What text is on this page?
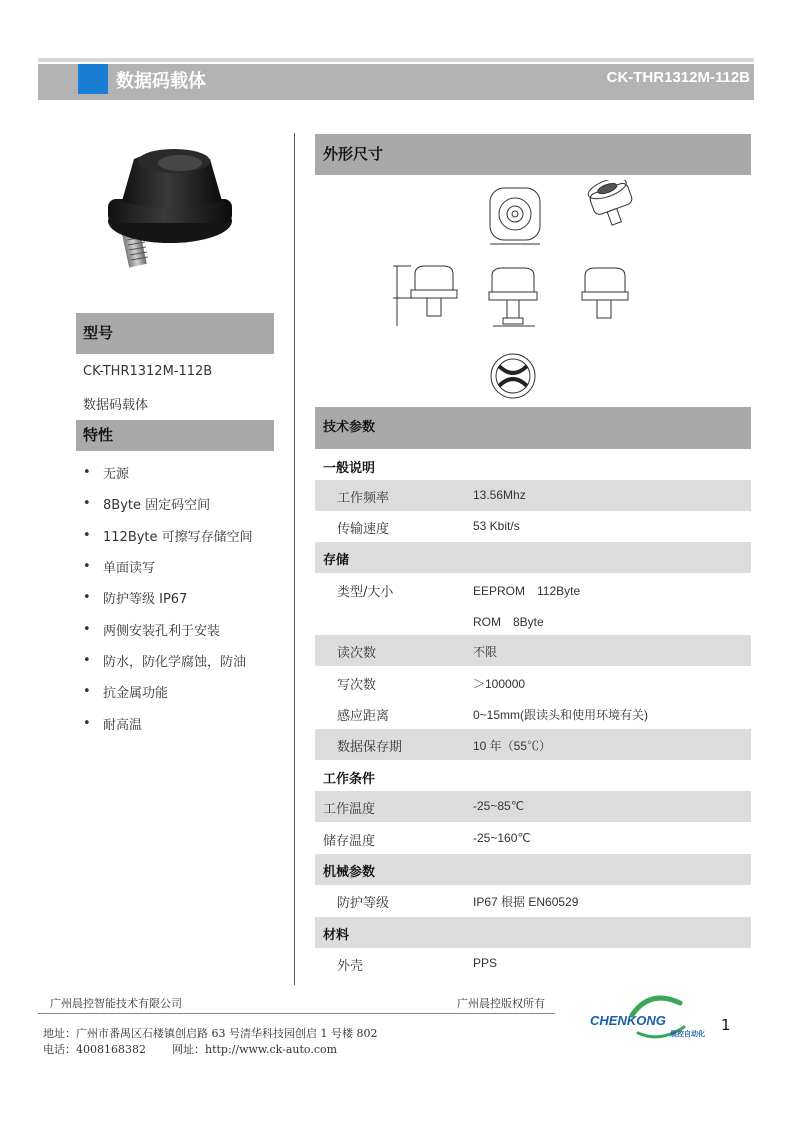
数据码载体	CK-THR1312M-112B
型号
CK-THR1312M-112B
数据码载体
特性
• 无源
• 8Byte 固定码空间
• 112Byte 可擦写存储空间
• 单面读写
• 防护等级 IP67
• 两侧安装孔利于安装
• 防水，防化学腐蚀，防油
• 抗金属功能
• 耐高温
外形尺寸
技术参数
一般说明
工作频率	13.56Mhz
传输速度	53 Kbit/s
存储
类型/大小	EEPROM　112Byte
ROM　8Byte
读次数	不限
写次数	＞100000
感应距离	0~15mm(跟读头和使用环境有关)
数据保存期	10 年（55℃）
工作条件
工作温度	-25~85℃
储存温度	-25~160℃
机械参数
防护等级	IP67 根据 EN60529
材料
外壳	PPS
广州晨控智能技术有限公司	广州晨控版权所有
地址：广州市番禺区石楼镇创启路 63 号清华科技园创启 1 号楼 802
电话：4008168382 网址：http://www.ck-auto.com
CHENKONG
晨控自动化 1
